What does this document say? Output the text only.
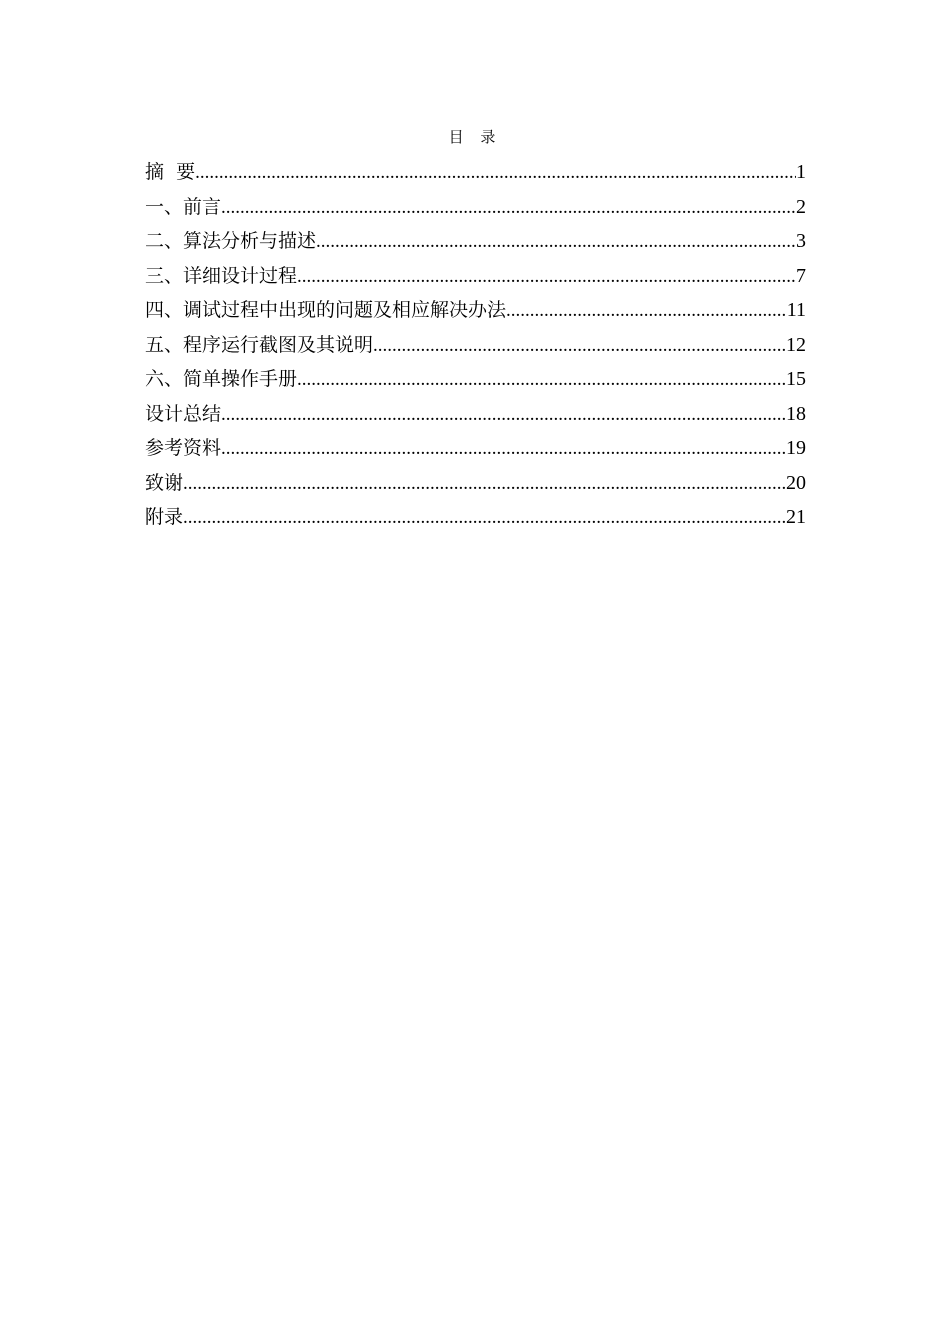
目 录
摘  要 .....	1
一、前言 .....	2
二、算法分析与描述 .....	3
三、详细设计过程 .....	7
四、调试过程中出现的问题及相应解决办法 .....	11
五、程序运行截图及其说明 .....	12
六、简单操作手册 .....	15
设计总结 .....	18
参考资料 .....	19
致谢 .....	20
附录 .....	21
